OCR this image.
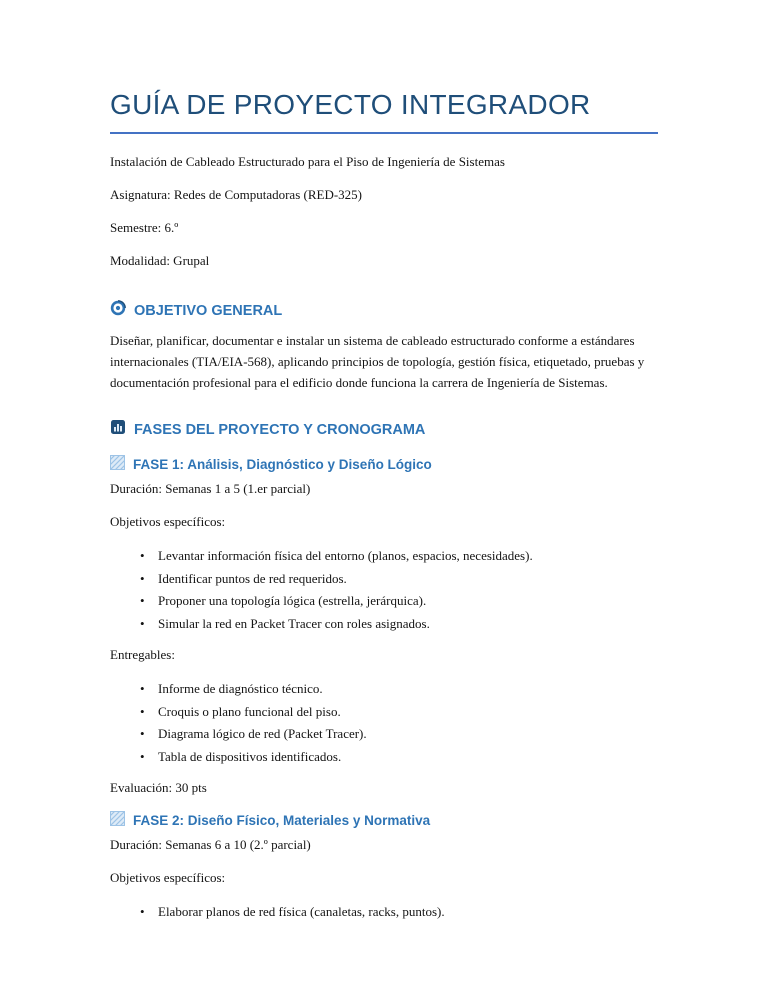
GUÍA DE PROYECTO INTEGRADOR

Instalación de Cableado Estructurado para el Piso de Ingeniería de Sistemas

Asignatura: Redes de Computadoras (RED-325)

Semestre: 6.º

Modalidad: Grupal

OBJETIVO GENERAL

Diseñar, planificar, documentar e instalar un sistema de cableado estructurado conforme a estándares internacionales (TIA/EIA-568), aplicando principios de topología, gestión física, etiquetado, pruebas y documentación profesional para el edificio donde funciona la carrera de Ingeniería de Sistemas.

FASES DEL PROYECTO Y CRONOGRAMA
FASE 1: Análisis, Diagnóstico y Diseño Lógico

Duración: Semanas 1 a 5 (1.er parcial)

Objetivos específicos:

• Levantar información física del entorno (planos, espacios, necesidades).
• Identificar puntos de red requeridos.
• Proponer una topología lógica (estrella, jerárquica).
• Simular la red en Packet Tracer con roles asignados.

Entregables:

• Informe de diagnóstico técnico.
• Croquis o plano funcional del piso.
• Diagrama lógico de red (Packet Tracer).
• Tabla de dispositivos identificados.

Evaluación: 30 pts

FASE 2: Diseño Físico, Materiales y Normativa

Duración: Semanas 6 a 10 (2.º parcial)

Objetivos específicos:

• Elaborar planos de red física (canaletas, racks, puntos).
